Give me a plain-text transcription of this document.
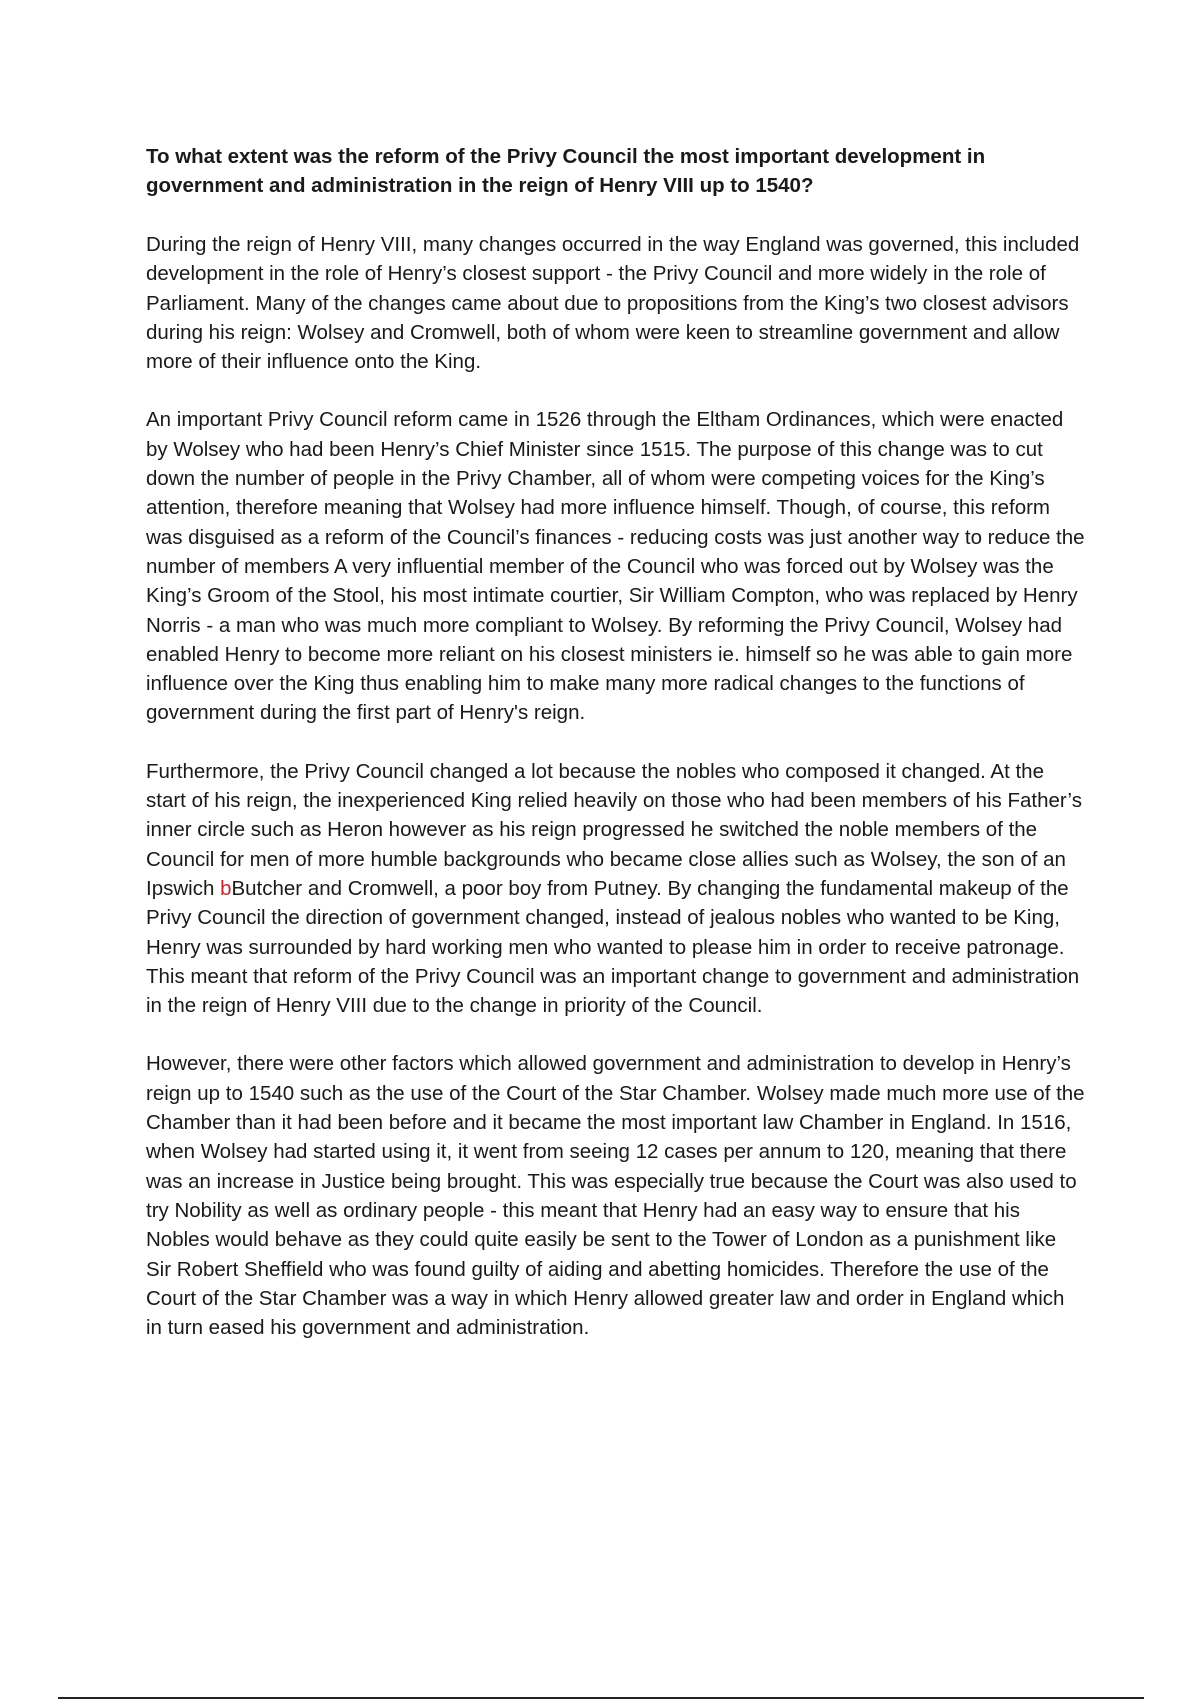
To what extent was the reform of the Privy Council the most important development in government and administration in the reign of Henry VIII up to 1540?

During the reign of Henry VIII, many changes occurred in the way England was governed, this included development in the role of Henry’s closest support - the Privy Council and more widely in the role of Parliament. Many of the changes came about due to propositions from the King’s two closest advisors during his reign: Wolsey and Cromwell, both of whom were keen to streamline government and allow more of their influence onto the King.

An important Privy Council reform came in 1526 through the Eltham Ordinances, which were enacted by Wolsey who had been Henry’s Chief Minister since 1515. The purpose of this change was to cut down the number of people in the Privy Chamber, all of whom were competing voices for the King’s attention, therefore meaning that Wolsey had more influence himself. Though, of course, this reform was disguised as a reform of the Council’s finances - reducing costs was just another way to reduce the number of members A very influential member of the Council who was forced out by Wolsey was the King’s Groom of the Stool, his most intimate courtier, Sir William Compton, who was replaced by Henry Norris - a man who was much more compliant to Wolsey. By reforming the Privy Council, Wolsey had enabled Henry to become more reliant on his closest ministers ie. himself so he was able to gain more influence over the King thus enabling him to make many more radical changes to the functions of government during the first part of Henry's reign.

Furthermore, the Privy Council changed a lot because the nobles who composed it changed. At the start of his reign, the inexperienced King relied heavily on those who had been members of his Father’s inner circle such as Heron however as his reign progressed he switched the noble members of the Council for men of more humble backgrounds who became close allies such as Wolsey, the son of an Ipswich bButcher and Cromwell, a poor boy from Putney. By changing the fundamental makeup of the Privy Council the direction of government changed, instead of jealous nobles who wanted to be King, Henry was surrounded by hard working men who wanted to please him in order to receive patronage. This meant that reform of the Privy Council was an important change to government and administration in the reign of Henry VIII due to the change in priority of the Council.

However, there were other factors which allowed government and administration to develop in Henry’s reign up to 1540 such as the use of the Court of the Star Chamber. Wolsey made much more use of the Chamber than it had been before and it became the most important law Chamber in England. In 1516, when Wolsey had started using it, it went from seeing 12 cases per annum to 120, meaning that there was an increase in Justice being brought. This was especially true because the Court was also used to try Nobility as well as ordinary people - this meant that Henry had an easy way to ensure that his Nobles would behave as they could quite easily be sent to the Tower of London as a punishment like Sir Robert Sheffield who was found guilty of aiding and abetting homicides. Therefore the use of the Court of the Star Chamber was a way in which Henry allowed greater law and order in England which in turn eased his government and administration.
